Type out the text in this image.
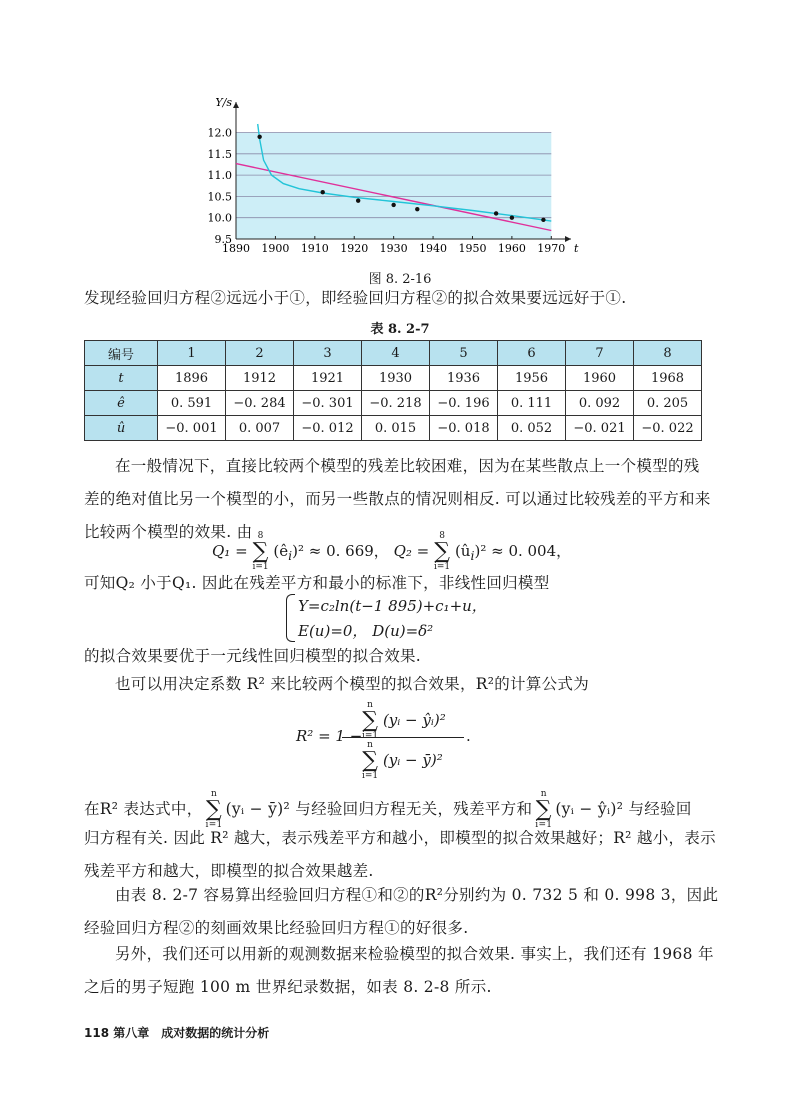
1890 1900 1910 1920 1930 1940 1950 1960 1970
9.5
10.0
10.5
11.0
11.5
12.0
Y/s
t
图 8. 2-16
发现经验回归方程②远远小于①，即经验回归方程②的拟合效果要远远好于①.
表 8. 2-7
编号	1	2	3	4	5	6	7	8
t	1896	1912	1921	1930	1936	1956	1960	1968
ê	0. 591	−0. 284	−0. 301	−0. 218	−0. 196	0. 111	0. 092	0. 205
û	−0. 001	0. 007	−0. 012	0. 015	−0. 018	0. 052	−0. 021	−0. 022
在一般情况下，直接比较两个模型的残差比较困难，因为在某些散点上一个模型的残差的绝对值比另一个模型的小，而另一些散点的情况则相反. 可以通过比较残差的平方和来比较两个模型的效果. 由
Q₁ =
8
∑
i=1
$(ê_i)^2 \approx 0$. 669， Q₂ =
8
∑
i=1
$(û_i)^2 \approx 0$. 004，
可知Q₂ 小于Q₁. 因此在残差平方和最小的标准下，非线性回归模型
Y=c₂ln(t−1 895)+c₁+u，
E(u)=0， D(u)=δ²
的拟合效果要优于一元线性回归模型的拟合效果.
也可以用决定系数 R² 来比较两个模型的拟合效果，R²的计算公式为
R² = 1 −
n
∑
i=1
(yᵢ − ŷᵢ)²
n
∑
i=1
(yᵢ − ȳ)²
.
在R² 表达式中，
n
∑
i=1
(yᵢ − ȳ)² 与经验回归方程无关，残差平方和
n
∑
i=1
(yᵢ − ŷᵢ)² 与经验回
归方程有关. 因此 R² 越大，表示残差平方和越小，即模型的拟合效果越好；R² 越小，表示残差平方和越大，即模型的拟合效果越差.
由表 8. 2-7 容易算出经验回归方程①和②的R²分别约为 0. 732 5 和 0. 998 3，因此经验回归方程②的刻画效果比经验回归方程①的好很多.
另外，我们还可以用新的观测数据来检验模型的拟合效果. 事实上，我们还有 1968 年之后的男子短跑 100 m 世界纪录数据，如表 8. 2-8 所示.
118 第八章　成对数据的统计分析
